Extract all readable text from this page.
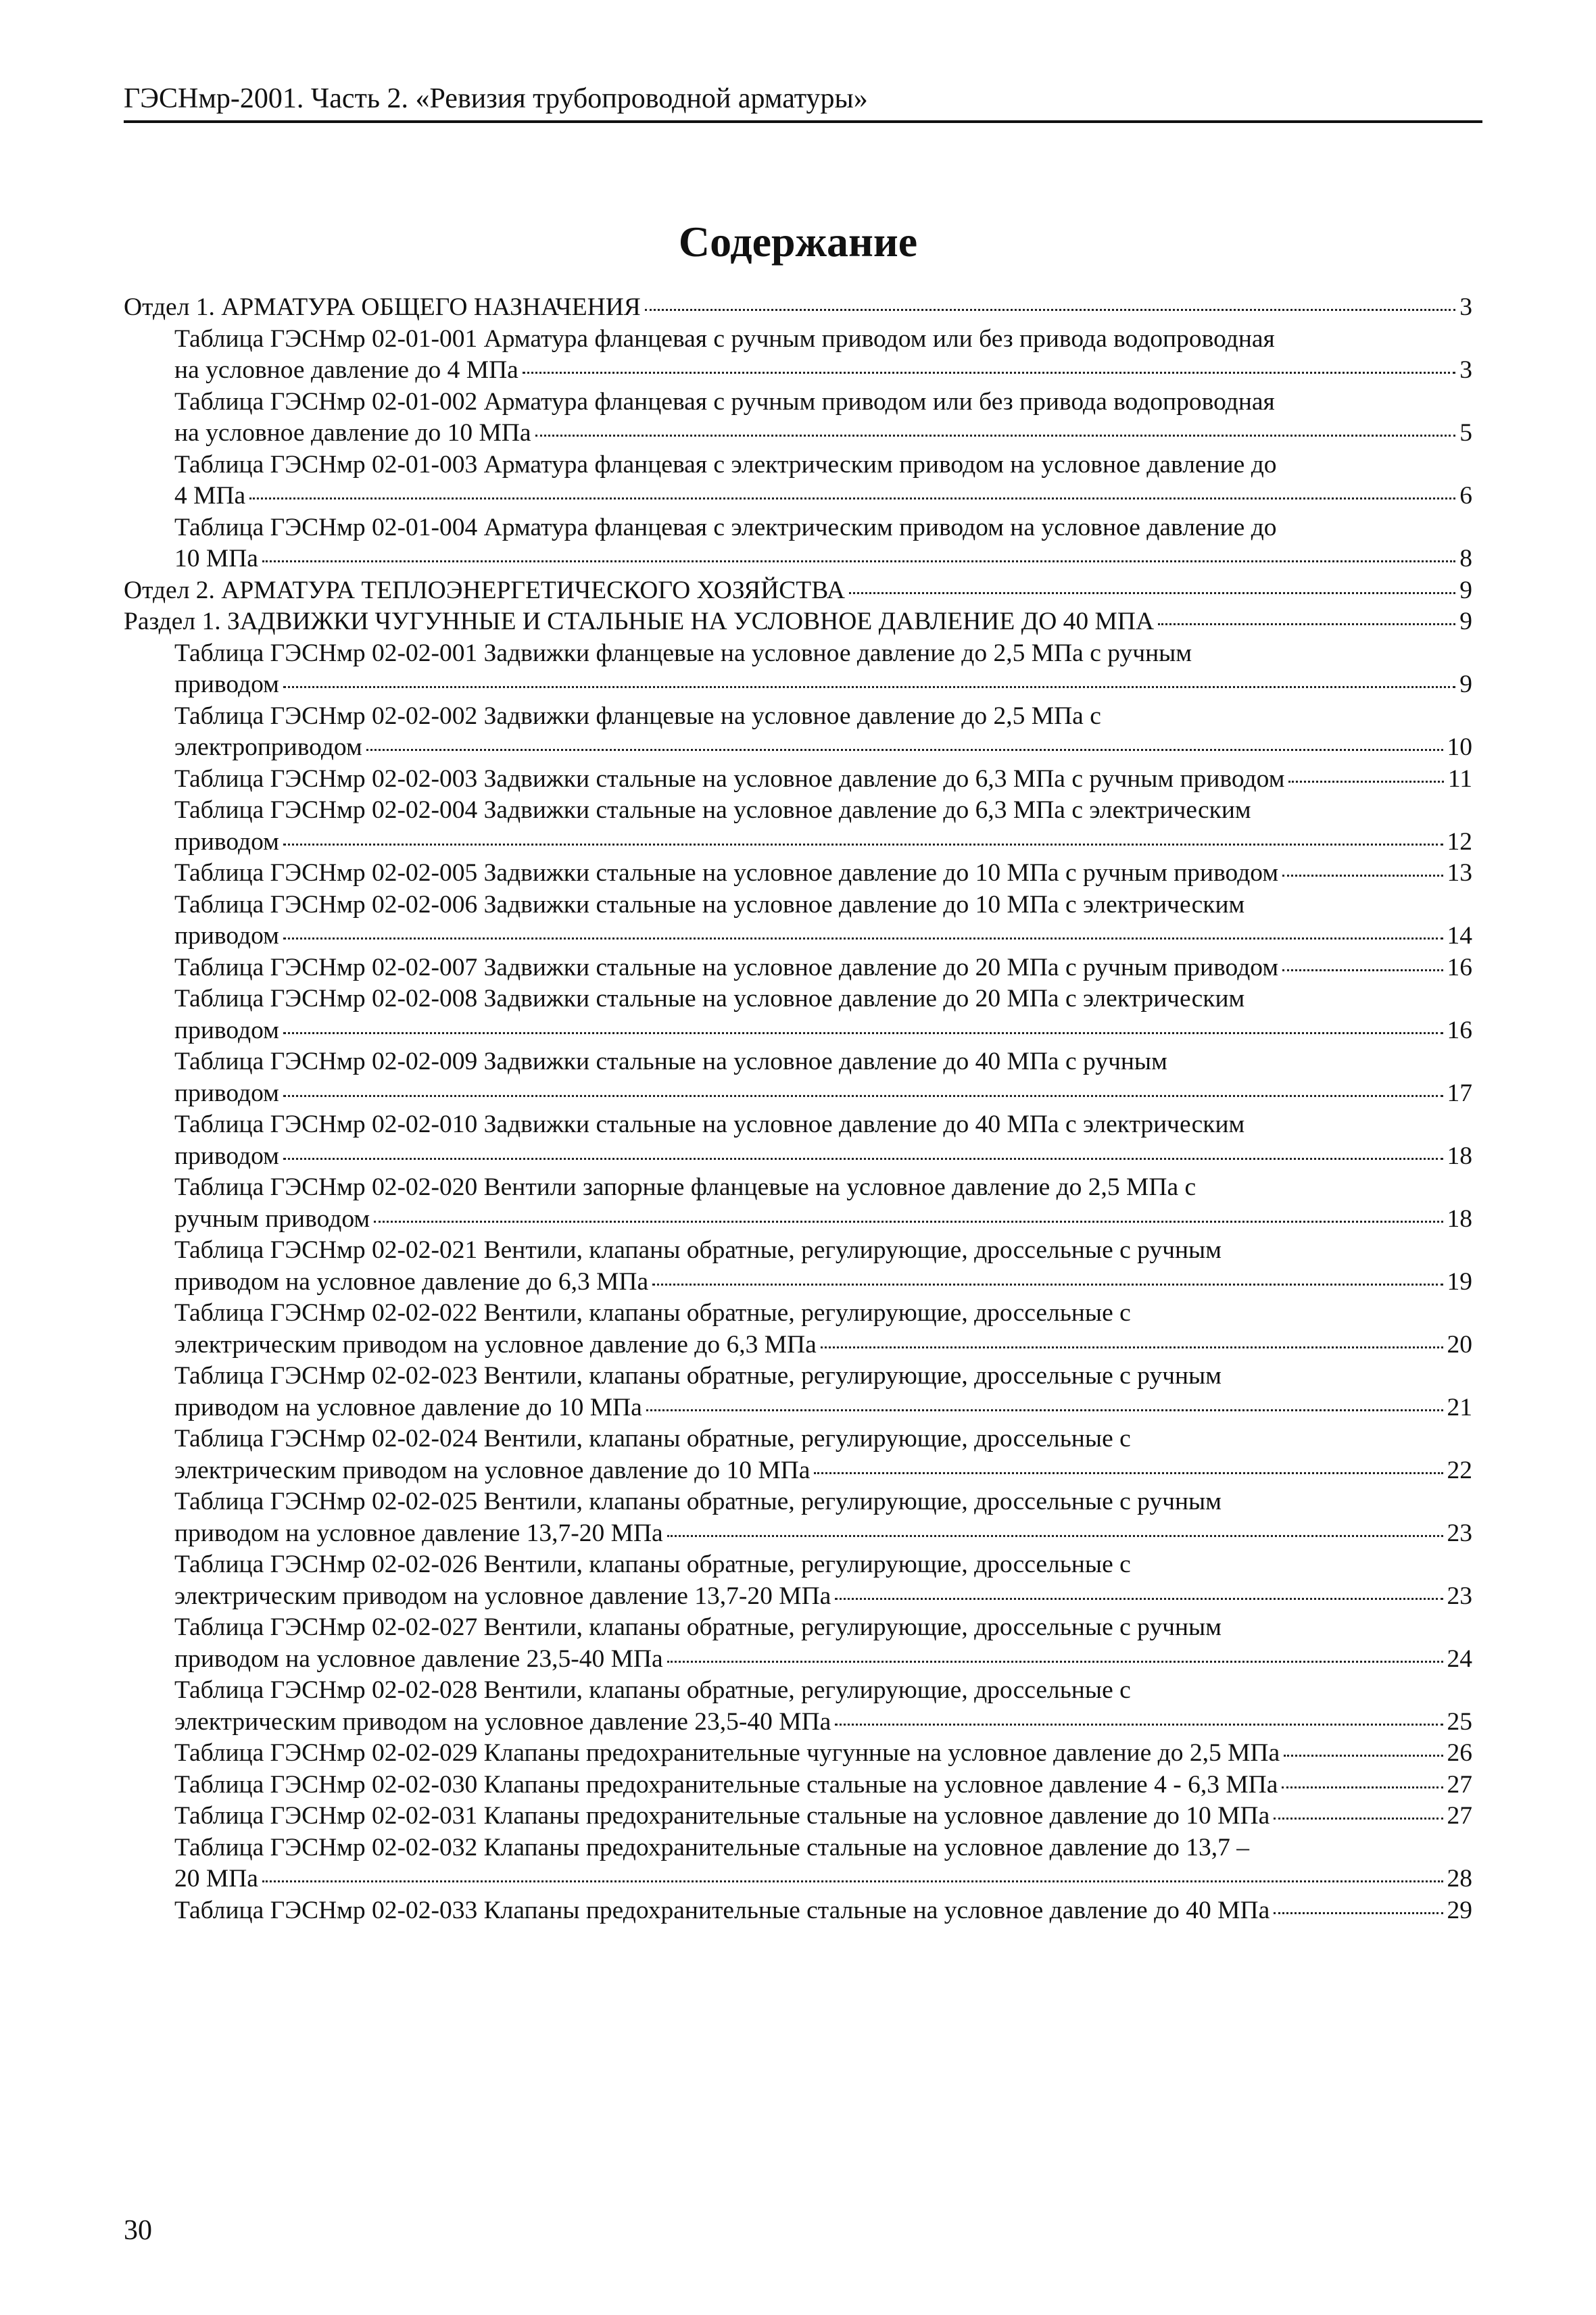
ГЭСНмр-2001. Часть 2. «Ревизия трубопроводной арматуры»
Содержание
Отдел 1. АРМАТУРА ОБЩЕГО НАЗНАЧЕНИЯ	3
Таблица ГЭСНмр 02-01-001 Арматура фланцевая с ручным приводом или без привода водопроводная
на условное давление до 4 МПа	3
Таблица ГЭСНмр 02-01-002 Арматура фланцевая с ручным приводом или без привода водопроводная
на условное давление до 10 МПа	5
Таблица ГЭСНмр 02-01-003 Арматура фланцевая с электрическим приводом на условное давление до
4 МПа	6
Таблица ГЭСНмр 02-01-004 Арматура фланцевая с электрическим приводом на условное давление до
10 МПа	8
Отдел 2. АРМАТУРА ТЕПЛОЭНЕРГЕТИЧЕСКОГО ХОЗЯЙСТВА	9
Раздел 1. ЗАДВИЖКИ ЧУГУННЫЕ И СТАЛЬНЫЕ НА УСЛОВНОЕ ДАВЛЕНИЕ ДО 40 МПА	9
Таблица ГЭСНмр 02-02-001 Задвижки фланцевые на условное давление до 2,5 МПа с ручным
приводом	9
Таблица ГЭСНмр 02-02-002 Задвижки фланцевые на условное давление до 2,5 МПа с
электроприводом	10
Таблица ГЭСНмр 02-02-003 Задвижки стальные на условное давление до 6,3 МПа с ручным приводом	11
Таблица ГЭСНмр 02-02-004 Задвижки стальные на условное давление до 6,3 МПа с электрическим
приводом	12
Таблица ГЭСНмр 02-02-005 Задвижки стальные на условное давление до 10 МПа с ручным приводом	13
Таблица ГЭСНмр 02-02-006 Задвижки стальные на условное давление до 10 МПа с электрическим
приводом	14
Таблица ГЭСНмр 02-02-007 Задвижки стальные на условное давление до 20 МПа с ручным приводом	16
Таблица ГЭСНмр 02-02-008 Задвижки стальные на условное давление до 20 МПа с электрическим
приводом	16
Таблица ГЭСНмр 02-02-009 Задвижки стальные на условное давление до 40 МПа с ручным
приводом	17
Таблица ГЭСНмр 02-02-010 Задвижки стальные на условное давление до 40 МПа с электрическим
приводом	18
Таблица ГЭСНмр 02-02-020 Вентили запорные фланцевые на условное давление до 2,5 МПа с
ручным приводом	18
Таблица ГЭСНмр 02-02-021 Вентили, клапаны обратные, регулирующие, дроссельные с ручным
приводом на условное давление до 6,3 МПа	19
Таблица ГЭСНмр 02-02-022 Вентили, клапаны обратные, регулирующие, дроссельные с
электрическим приводом на условное давление до 6,3 МПа	20
Таблица ГЭСНмр 02-02-023 Вентили, клапаны обратные, регулирующие, дроссельные с ручным
приводом на условное давление до 10 МПа	21
Таблица ГЭСНмр 02-02-024 Вентили, клапаны обратные, регулирующие, дроссельные с
электрическим приводом на условное давление до 10 МПа	22
Таблица ГЭСНмр 02-02-025 Вентили, клапаны обратные, регулирующие, дроссельные с ручным
приводом на условное давление 13,7-20 МПа	23
Таблица ГЭСНмр 02-02-026 Вентили, клапаны обратные, регулирующие, дроссельные с
электрическим приводом на условное давление 13,7-20 МПа	23
Таблица ГЭСНмр 02-02-027 Вентили, клапаны обратные, регулирующие, дроссельные с ручным
приводом на условное давление 23,5-40 МПа	24
Таблица ГЭСНмр 02-02-028 Вентили, клапаны обратные, регулирующие, дроссельные с
электрическим приводом на условное давление 23,5-40 МПа	25
Таблица ГЭСНмр 02-02-029 Клапаны предохранительные чугунные на условное давление до 2,5 МПа	26
Таблица ГЭСНмр 02-02-030 Клапаны предохранительные стальные на условное давление 4 - 6,3 МПа	27
Таблица ГЭСНмр 02-02-031 Клапаны предохранительные стальные на условное давление до 10 МПа	27
Таблица ГЭСНмр 02-02-032 Клапаны предохранительные стальные на условное давление до 13,7 –
20 МПа	28
Таблица ГЭСНмр 02-02-033 Клапаны предохранительные стальные на условное давление до 40 МПа	29
30
